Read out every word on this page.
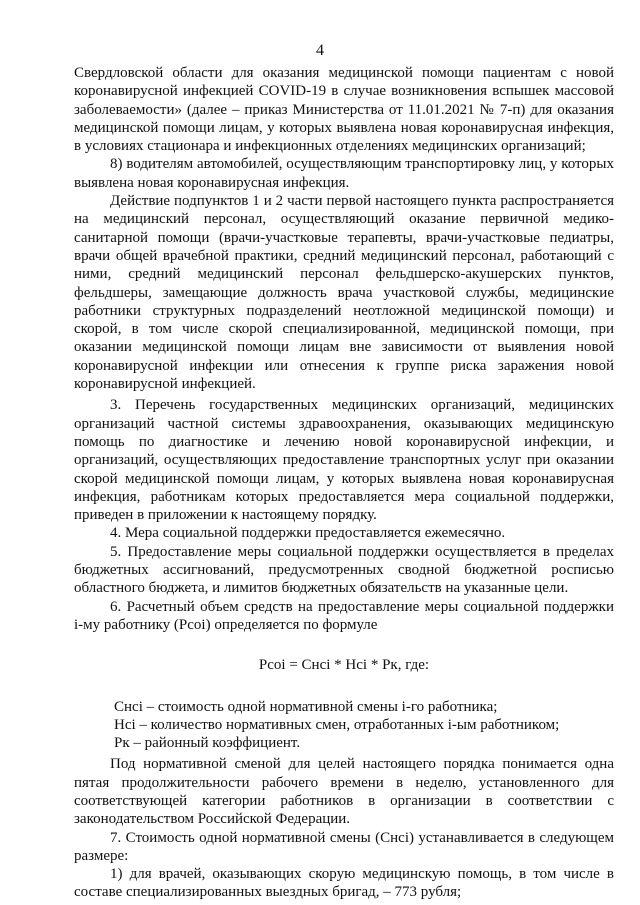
4

Свердловской области для оказания медицинской помощи пациентам с новой коронавирусной инфекцией COVID-19 в случае возникновения вспышек массовой заболеваемости» (далее – приказ Министерства от 11.01.2021 № 7-п) для оказания медицинской помощи лицам, у которых выявлена новая коронавирусная инфекция, в условиях стационара и инфекционных отделениях медицинских организаций;

8) водителям автомобилей, осуществляющим транспортировку лиц, у которых выявлена новая коронавирусная инфекция.

Действие подпунктов 1 и 2 части первой настоящего пункта распространяется на медицинский персонал, осуществляющий оказание первичной медико-санитарной помощи (врачи-участковые терапевты, врачи-участковые педиатры, врачи общей врачебной практики, средний медицинский персонал, работающий с ними, средний медицинский персонал фельдшерско-акушерских пунктов, фельдшеры, замещающие должность врача участковой службы, медицинские работники структурных подразделений неотложной медицинской помощи) и скорой, в том числе скорой специализированной, медицинской помощи, при оказании медицинской помощи лицам вне зависимости от выявления новой коронавирусной инфекции или отнесения к группе риска заражения новой коронавирусной инфекцией.

3. Перечень государственных медицинских организаций, медицинских организаций частной системы здравоохранения, оказывающих медицинскую помощь по диагностике и лечению новой коронавирусной инфекции, и организаций, осуществляющих предоставление транспортных услуг при оказании скорой медицинской помощи лицам, у которых выявлена новая коронавирусная инфекция, работникам которых предоставляется мера социальной поддержки, приведен в приложении к настоящему порядку.

4. Мера социальной поддержки предоставляется ежемесячно.

5. Предоставление меры социальной поддержки осуществляется в пределах бюджетных ассигнований, предусмотренных сводной бюджетной росписью областного бюджета, и лимитов бюджетных обязательств на указанные цели.

6. Расчетный объем средств на предоставление меры социальной поддержки i-му работнику (Рсоi) определяется по формуле

Рсоi = Снсi * Нсi * Рк, где:

Снсi – стоимость одной нормативной смены i-го работника;

Нсi – количество нормативных смен, отработанных i-ым работником;

Рк – районный коэффициент.

Под нормативной сменой для целей настоящего порядка понимается одна пятая продолжительности рабочего времени в неделю, установленного для соответствующей категории работников в организации в соответствии с законодательством Российской Федерации.

7. Стоимость одной нормативной смены (Снсi) устанавливается в следующем размере:

1) для врачей, оказывающих скорую медицинскую помощь, в том числе в составе специализированных выездных бригад, – 773 рубля;
